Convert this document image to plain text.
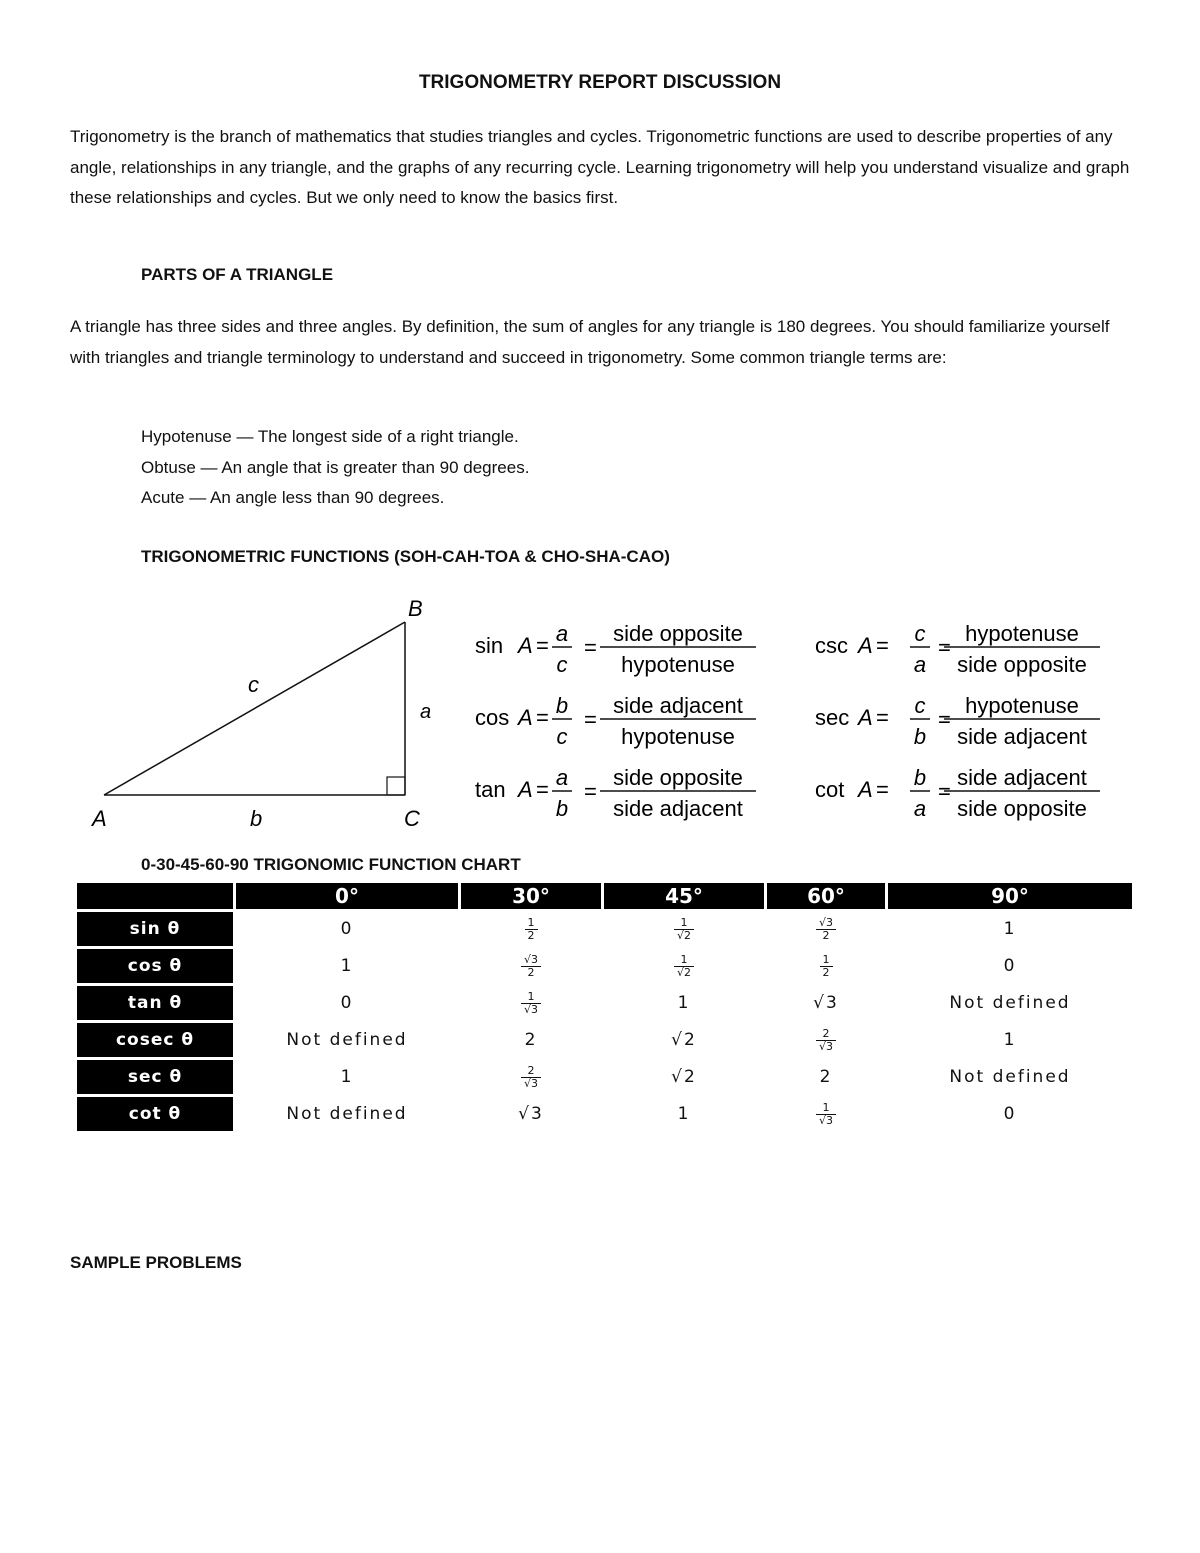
TRIGONOMETRY REPORT DISCUSSION
Trigonometry is the branch of mathematics that studies triangles and cycles. Trigonometric functions are used to describe properties of any angle, relationships in any triangle, and the graphs of any recurring cycle. Learning trigonometry will help you understand visualize and graph these relationships and cycles. But we only need to know the basics first.
PARTS OF A TRIANGLE
A triangle has three sides and three angles. By definition, the sum of angles for any triangle is 180 degrees. You should familiarize yourself with triangles and triangle terminology to understand and succeed in trigonometry. Some common triangle terms are:
Hypotenuse — The longest side of a right triangle.
Obtuse — An angle that is greater than 90 degrees.
Acute — An angle less than 90 degrees.
TRIGONOMETRIC FUNCTIONS (SOH-CAH-TOA & CHO-SHA-CAO)
A
B
C
a
b
c
sin A = a
c
=
side opposite
hypotenuse
cos A = b
c
=
side adjacent
hypotenuse
tan A = a
b
=
side opposite
side adjacent
csc A = c
a
=
hypotenuse
side opposite
sec A = c
b
=
hypotenuse
side adjacent
cot A = b
a
=
side adjacent
side opposite
0-30-45-60-90 TRIGONOMIC FUNCTION CHART
	0°	30°	45°	60°	90°
sin θ	0	$\frac{1}{2}$	$\frac{1}{√2}$	$\frac{√3}{2}$	1
cos θ	1	$\frac{√3}{2}$	$\frac{1}{√2}$	$\frac{1}{2}$	0
tan θ	0	$\frac{1}{√3}$	1	√3	Not defined
cosec θ	Not defined	2	√2	$\frac{2}{√3}$	1
sec θ	1	$\frac{2}{√3}$	√2	2	Not defined
cot θ	Not defined	√3	1	$\frac{1}{√3}$	0
SAMPLE PROBLEMS
